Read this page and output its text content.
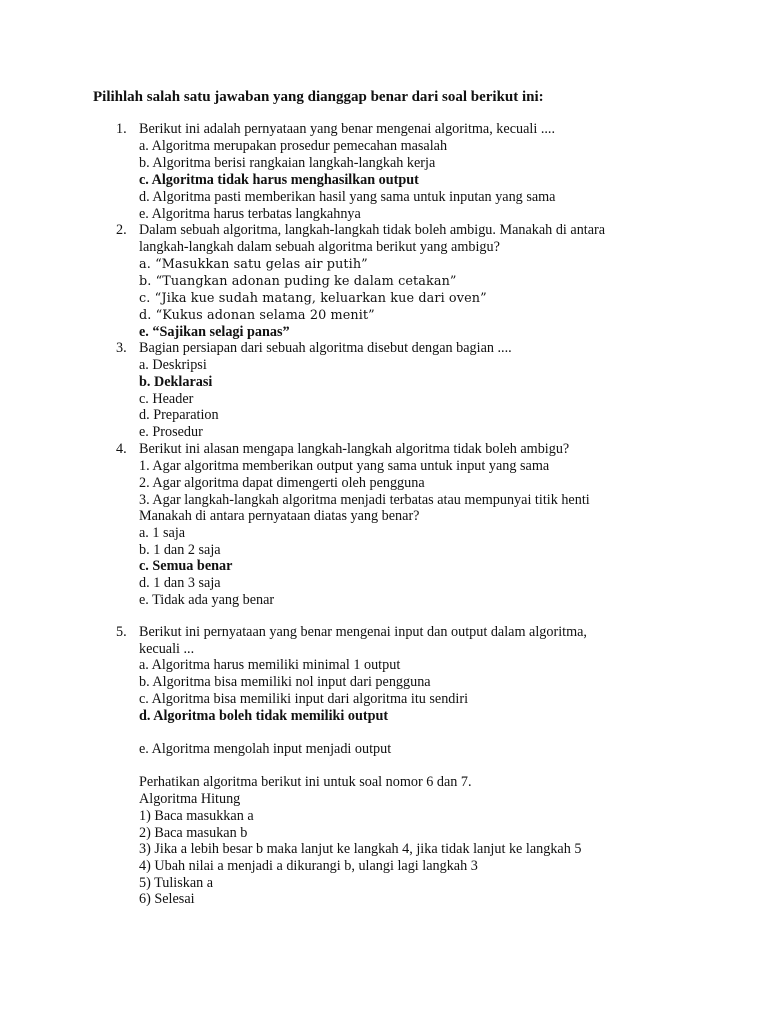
Pilihlah salah satu jawaban yang dianggap benar dari soal berikut ini:
1. Berikut ini adalah pernyataan yang benar mengenai algoritma, kecuali ....
a. Algoritma merupakan prosedur pemecahan masalah
b. Algoritma berisi rangkaian langkah-langkah kerja
c. Algoritma tidak harus menghasilkan output
d. Algoritma pasti memberikan hasil yang sama untuk inputan yang sama
e. Algoritma harus terbatas langkahnya
2. Dalam sebuah algoritma, langkah-langkah tidak boleh ambigu. Manakah di antara
langkah-langkah dalam sebuah algoritma berikut yang ambigu?
a. “Masukkan satu gelas air putih”
b. “Tuangkan adonan puding ke dalam cetakan”
c. “Jika kue sudah matang, keluarkan kue dari oven”
d. “Kukus adonan selama 20 menit”
e. “Sajikan selagi panas”
3. Bagian persiapan dari sebuah algoritma disebut dengan bagian ....
a. Deskripsi
b. Deklarasi
c. Header
d. Preparation
e. Prosedur
4. Berikut ini alasan mengapa langkah-langkah algoritma tidak boleh ambigu?
1. Agar algoritma memberikan output yang sama untuk input yang sama
2. Agar algoritma dapat dimengerti oleh pengguna
3. Agar langkah-langkah algoritma menjadi terbatas atau mempunyai titik henti
Manakah di antara pernyataan diatas yang benar?
a. 1 saja
b. 1 dan 2 saja
c. Semua benar
d. 1 dan 3 saja
e. Tidak ada yang benar
5. Berikut ini pernyataan yang benar mengenai input dan output dalam algoritma,
kecuali ...
a. Algoritma harus memiliki minimal 1 output
b. Algoritma bisa memiliki nol input dari pengguna
c. Algoritma bisa memiliki input dari algoritma itu sendiri
d. Algoritma boleh tidak memiliki output
e. Algoritma mengolah input menjadi output
Perhatikan algoritma berikut ini untuk soal nomor 6 dan 7.
Algoritma Hitung
1) Baca masukkan a
2) Baca masukan b
3) Jika a lebih besar b maka lanjut ke langkah 4, jika tidak lanjut ke langkah 5
4) Ubah nilai a menjadi a dikurangi b, ulangi lagi langkah 3
5) Tuliskan a
6) Selesai
